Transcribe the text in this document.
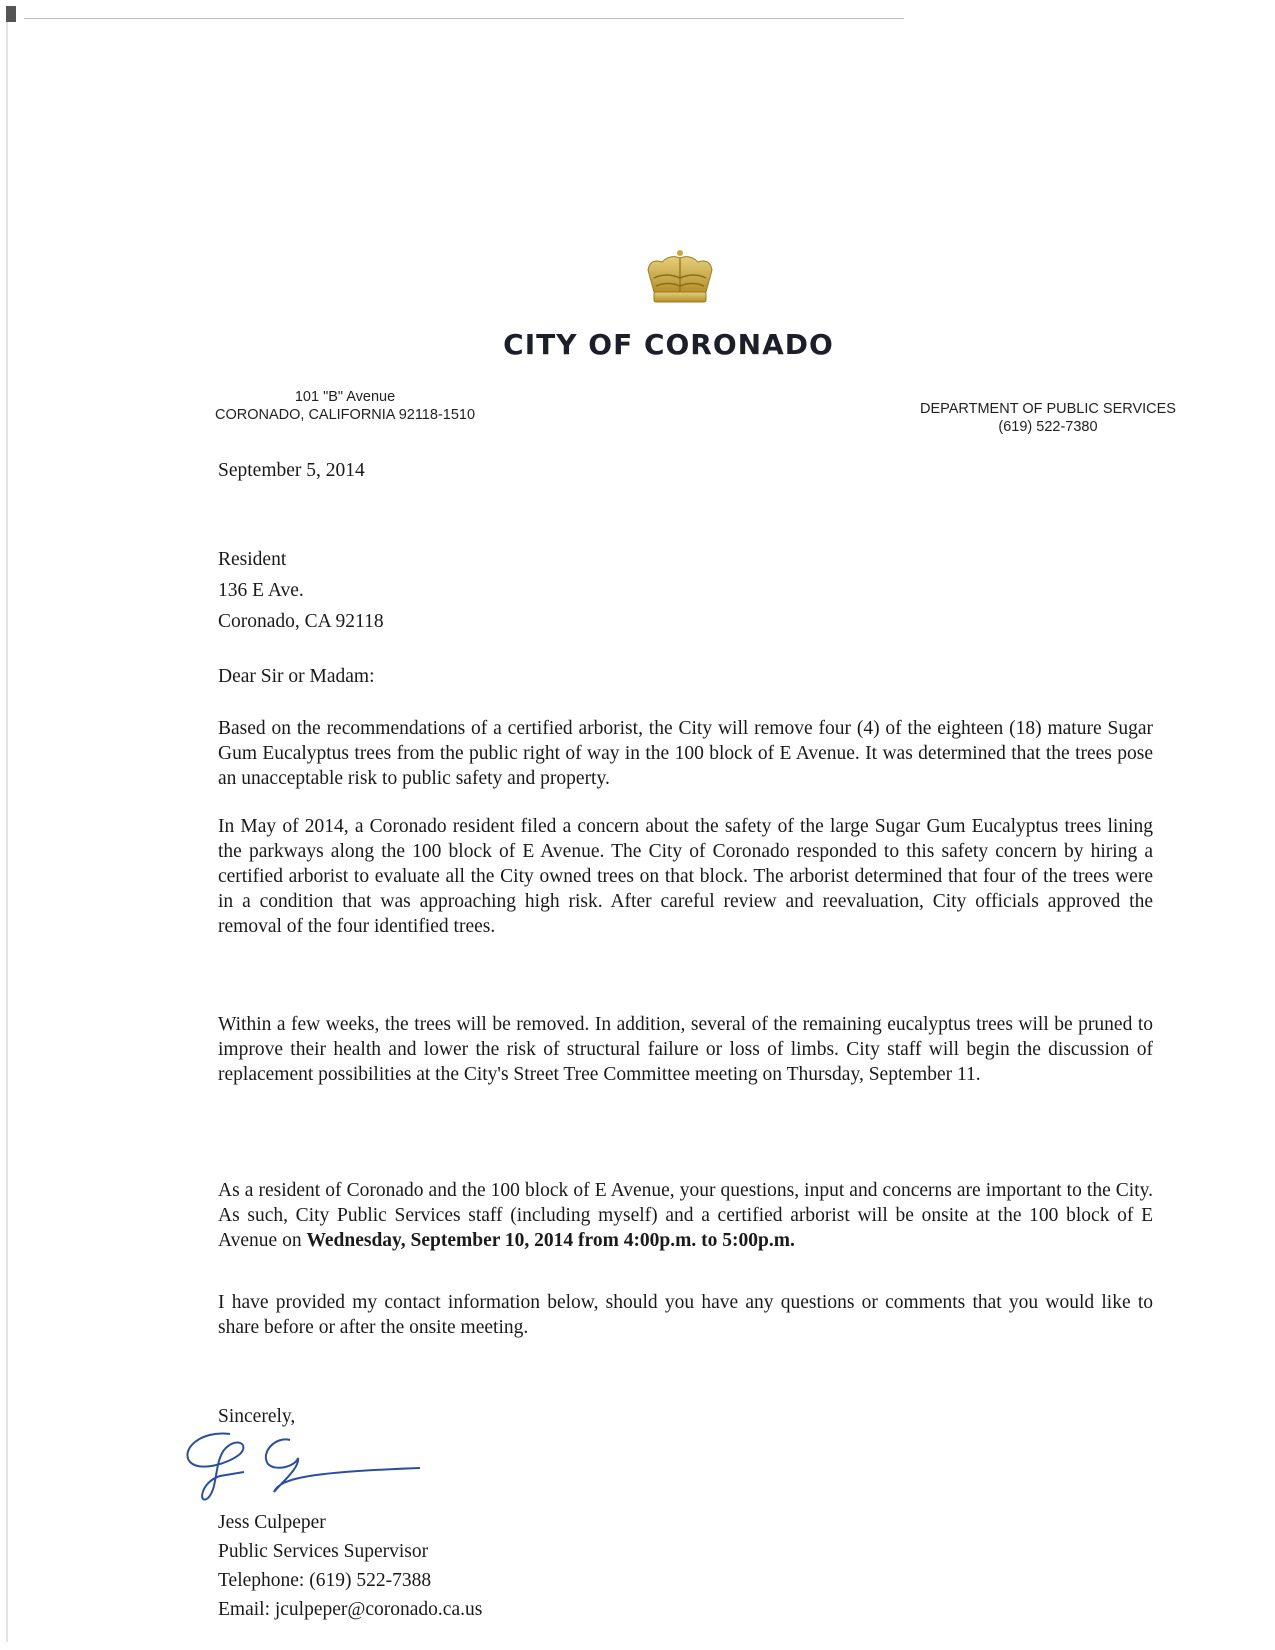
CITY OF CORONADO
101 "B" Avenue
CORONADO, CALIFORNIA 92118-1510	DEPARTMENT OF PUBLIC SERVICES
(619) 522-7380
September 5, 2014
Resident
136 E Ave.
Coronado, CA 92118
Dear Sir or Madam:
Based on the recommendations of a certified arborist, the City will remove four (4) of the eighteen (18) mature Sugar Gum Eucalyptus trees from the public right of way in the 100 block of E Avenue. It was determined that the trees pose an unacceptable risk to public safety and property.
In May of 2014, a Coronado resident filed a concern about the safety of the large Sugar Gum Eucalyptus trees lining the parkways along the 100 block of E Avenue. The City of Coronado responded to this safety concern by hiring a certified arborist to evaluate all the City owned trees on that block. The arborist determined that four of the trees were in a condition that was approaching high risk. After careful review and reevaluation, City officials approved the removal of the four identified trees.
Within a few weeks, the trees will be removed. In addition, several of the remaining eucalyptus trees will be pruned to improve their health and lower the risk of structural failure or loss of limbs. City staff will begin the discussion of replacement possibilities at the City's Street Tree Committee meeting on Thursday, September 11.
As a resident of Coronado and the 100 block of E Avenue, your questions, input and concerns are important to the City. As such, City Public Services staff (including myself) and a certified arborist will be onsite at the 100 block of E Avenue on Wednesday, September 10, 2014 from 4:00p.m. to 5:00p.m.
I have provided my contact information below, should you have any questions or comments that you would like to share before or after the onsite meeting.
Sincerely,
Jess Culpeper
Public Services Supervisor
Telephone: (619) 522-7388
Email: jculpeper@coronado.ca.us
